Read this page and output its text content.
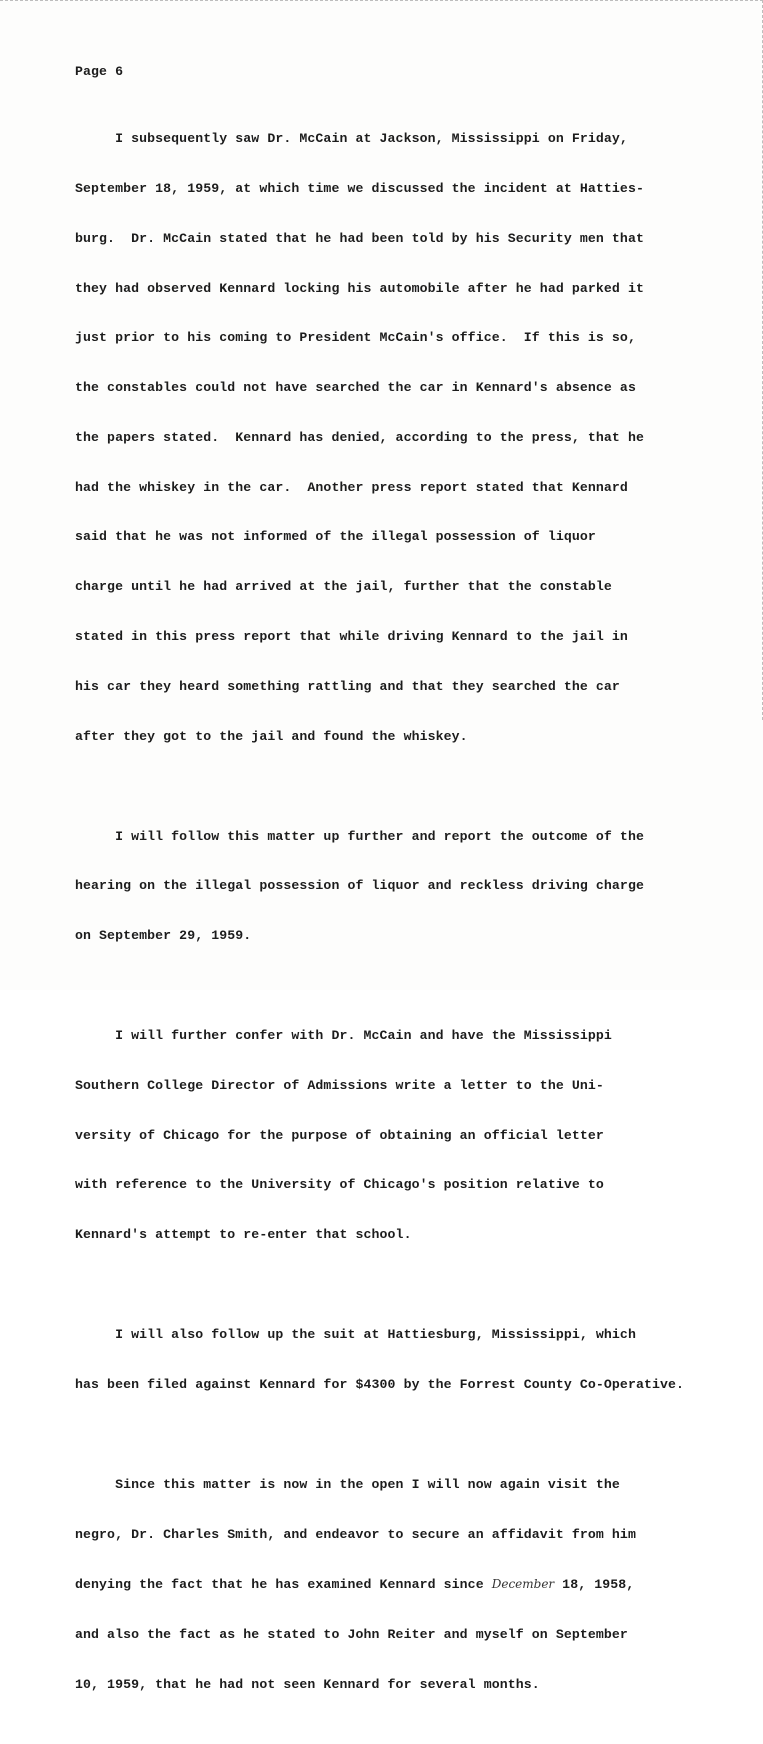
Page 6

I subsequently saw Dr. McCain at Jackson, Mississippi on Friday,

September 18, 1959, at which time we discussed the incident at Hatties-

burg.  Dr. McCain stated that he had been told by his Security men that

they had observed Kennard locking his automobile after he had parked it

just prior to his coming to President McCain's office.  If this is so,

the constables could not have searched the car in Kennard's absence as

the papers stated.  Kennard has denied, according to the press, that he

had the whiskey in the car.  Another press report stated that Kennard

said that he was not informed of the illegal possession of liquor

charge until he had arrived at the jail, further that the constable

stated in this press report that while driving Kennard to the jail in

his car they heard something rattling and that they searched the car

after they got to the jail and found the whiskey.

I will follow this matter up further and report the outcome of the

hearing on the illegal possession of liquor and reckless driving charge

on September 29, 1959.

I will further confer with Dr. McCain and have the Mississippi

Southern College Director of Admissions write a letter to the Uni-

versity of Chicago for the purpose of obtaining an official letter

with reference to the University of Chicago's position relative to

Kennard's attempt to re-enter that school.

I will also follow up the suit at Hattiesburg, Mississippi, which

has been filed against Kennard for $4300 by the Forrest County Co-Operative.

Since this matter is now in the open I will now again visit the

negro, Dr. Charles Smith, and endeavor to secure an affidavit from him

denying the fact that he has examined Kennard since December 18, 1958,

and also the fact as he stated to John Reiter and myself on September

10, 1959, that he had not seen Kennard for several months.
